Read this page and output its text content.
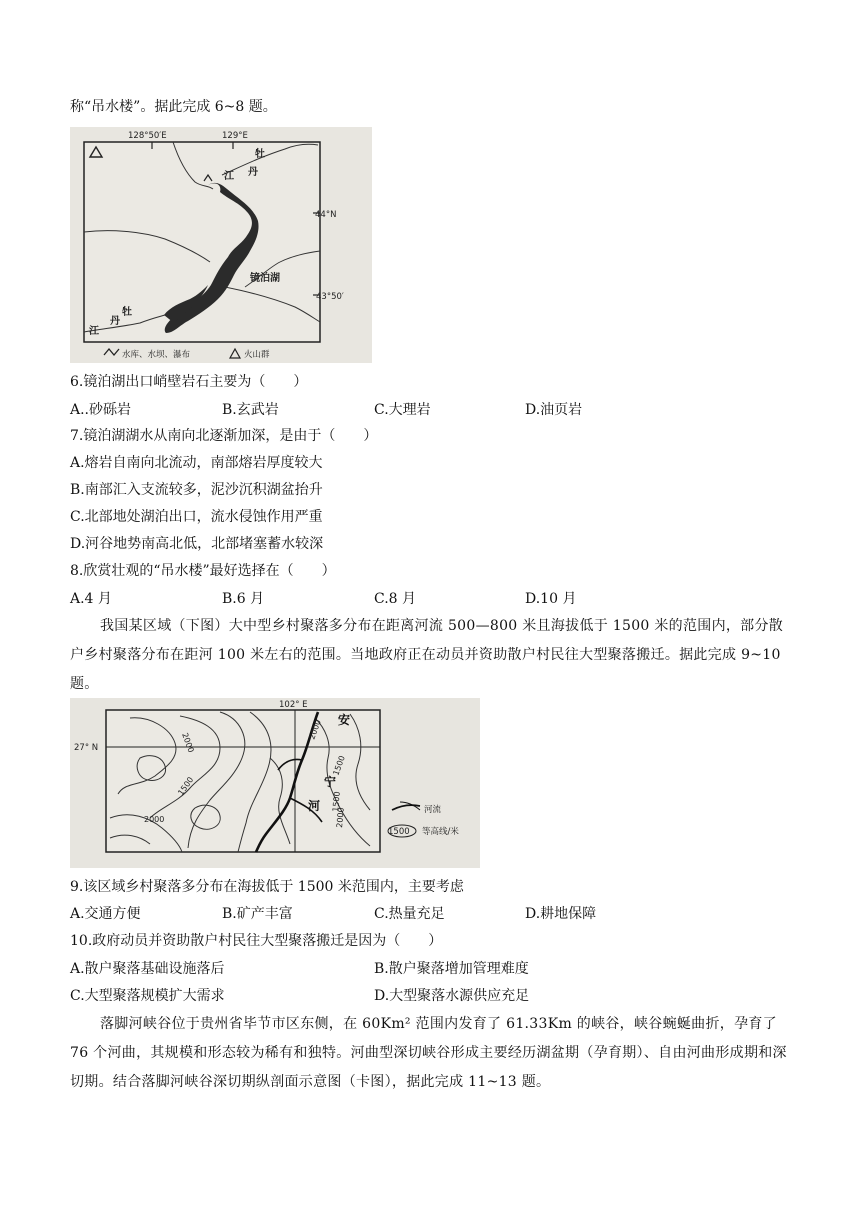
称“吊水楼”。据此完成 6~8 题。
128°50′E	129°E
44°N
43°50′
牡
江 丹
镜泊湖
牡
丹
江
水库、水坝、瀑布	火山群
6.镜泊湖出口峭壁岩石主要为（　　）
A..砂砾岩	B.玄武岩	C.大理岩	D.油页岩
7.镜泊湖湖水从南向北逐渐加深，是由于（　　）
A.熔岩自南向北流动，南部熔岩厚度较大
B.南部汇入支流较多，泥沙沉积湖盆抬升
C.北部地处湖泊出口，流水侵蚀作用严重
D.河谷地势南高北低，北部堵塞蓄水较深
8.欣赏壮观的“吊水楼”最好选择在（　　）
A.4 月	B.6 月	C.8 月	D.10 月
我国某区域（下图）大中型乡村聚落多分布在距离河流 500—800 米且海拔低于 1500 米的范围内，部分散户乡村聚落分布在距河 100 米左右的范围。当地政府正在动员并资助散户村民往大型聚落搬迁。据此完成 9~10 题。
102° E
27° N	2000
1500
2000
2000
1500
1500
2000
安
宁
河	河流
1500 等高线/米
9.该区域乡村聚落多分布在海拔低于 1500 米范围内，主要考虑
A.交通方便	B.矿产丰富	C.热量充足	D.耕地保障
10.政府动员并资助散户村民往大型聚落搬迁是因为（　　）
A.散户聚落基础设施落后	B.散户聚落增加管理难度
C.大型聚落规模扩大需求	D.大型聚落水源供应充足
落脚河峡谷位于贵州省毕节市区东侧，在 60Km² 范围内发育了 61.33Km 的峡谷，峡谷蜿蜒曲折，孕育了 76 个河曲，其规模和形态较为稀有和独特。河曲型深切峡谷形成主要经历湖盆期（孕育期）、自由河曲形成期和深切期。结合落脚河峡谷深切期纵剖面示意图（卡图），据此完成 11~13 题。
